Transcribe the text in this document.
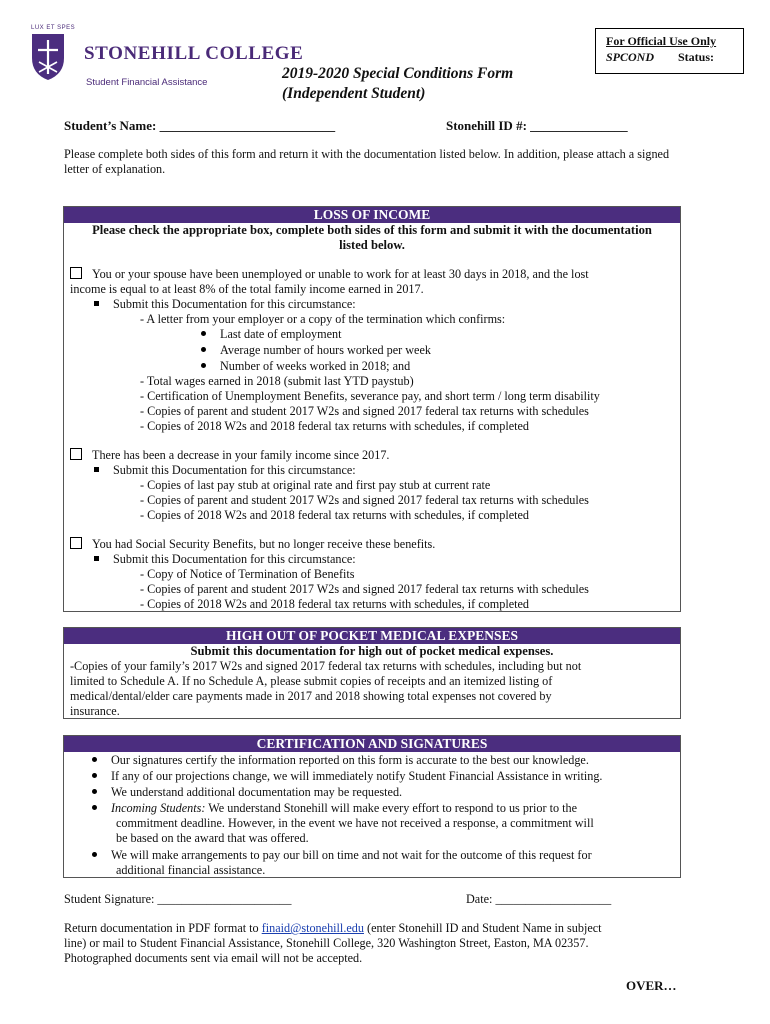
LUX ET SPES
STONEHILL COLLEGE
Student Financial Assistance
For Official Use Only
SPCOND Status:
2019-2020 Special Conditions Form
(Independent Student)
Student’s Name: ___________________________	Stonehill ID #: _______________
Please complete both sides of this form and return it with the documentation listed below. In addition, please attach a signed letter of explanation.
LOSS OF INCOME
Please check the appropriate box, complete both sides of this form and submit it with the documentation listed below.
You or your spouse have been unemployed or unable to work for at least 30 days in 2018, and the lost
income is equal to at least 8% of the total family income earned in 2017.
Submit this Documentation for this circumstance:
- A letter from your employer or a copy of the termination which confirms:
Last date of employment
Average number of hours worked per week
Number of weeks worked in 2018; and
- Total wages earned in 2018 (submit last YTD paystub)
- Certification of Unemployment Benefits, severance pay, and short term / long term disability
- Copies of parent and student 2017 W2s and signed 2017 federal tax returns with schedules
- Copies of 2018 W2s and 2018 federal tax returns with schedules, if completed
There has been a decrease in your family income since 2017.
Submit this Documentation for this circumstance:
- Copies of last pay stub at original rate and first pay stub at current rate
- Copies of parent and student 2017 W2s and signed 2017 federal tax returns with schedules
- Copies of 2018 W2s and 2018 federal tax returns with schedules, if completed
You had Social Security Benefits, but no longer receive these benefits.
Submit this Documentation for this circumstance:
- Copy of Notice of Termination of Benefits
- Copies of parent and student 2017 W2s and signed 2017 federal tax returns with schedules
- Copies of 2018 W2s and 2018 federal tax returns with schedules, if completed
HIGH OUT OF POCKET MEDICAL EXPENSES
Submit this documentation for high out of pocket medical expenses.
-Copies of your family’s 2017 W2s and signed 2017 federal tax returns with schedules, including but not
limited to Schedule A. If no Schedule A, please submit copies of receipts and an itemized listing of
medical/dental/elder care payments made in 2017 and 2018 showing total expenses not covered by
insurance.
CERTIFICATION AND SIGNATURES
Our signatures certify the information reported on this form is accurate to the best our knowledge.
If any of our projections change, we will immediately notify Student Financial Assistance in writing.
We understand additional documentation may be requested.
Incoming Students: We understand Stonehill will make every effort to respond to us prior to the
commitment deadline. However, in the event we have not received a response, a commitment will
be based on the award that was offered.
We will make arrangements to pay our bill on time and not wait for the outcome of this request for
additional financial assistance.
Student Signature: ______________________	Date: ___________________
Return documentation in PDF format to finaid@stonehill.edu (enter Stonehill ID and Student Name in subject
line) or mail to Student Financial Assistance, Stonehill College, 320 Washington Street, Easton, MA 02357.
Photographed documents sent via email will not be accepted.
OVER…
